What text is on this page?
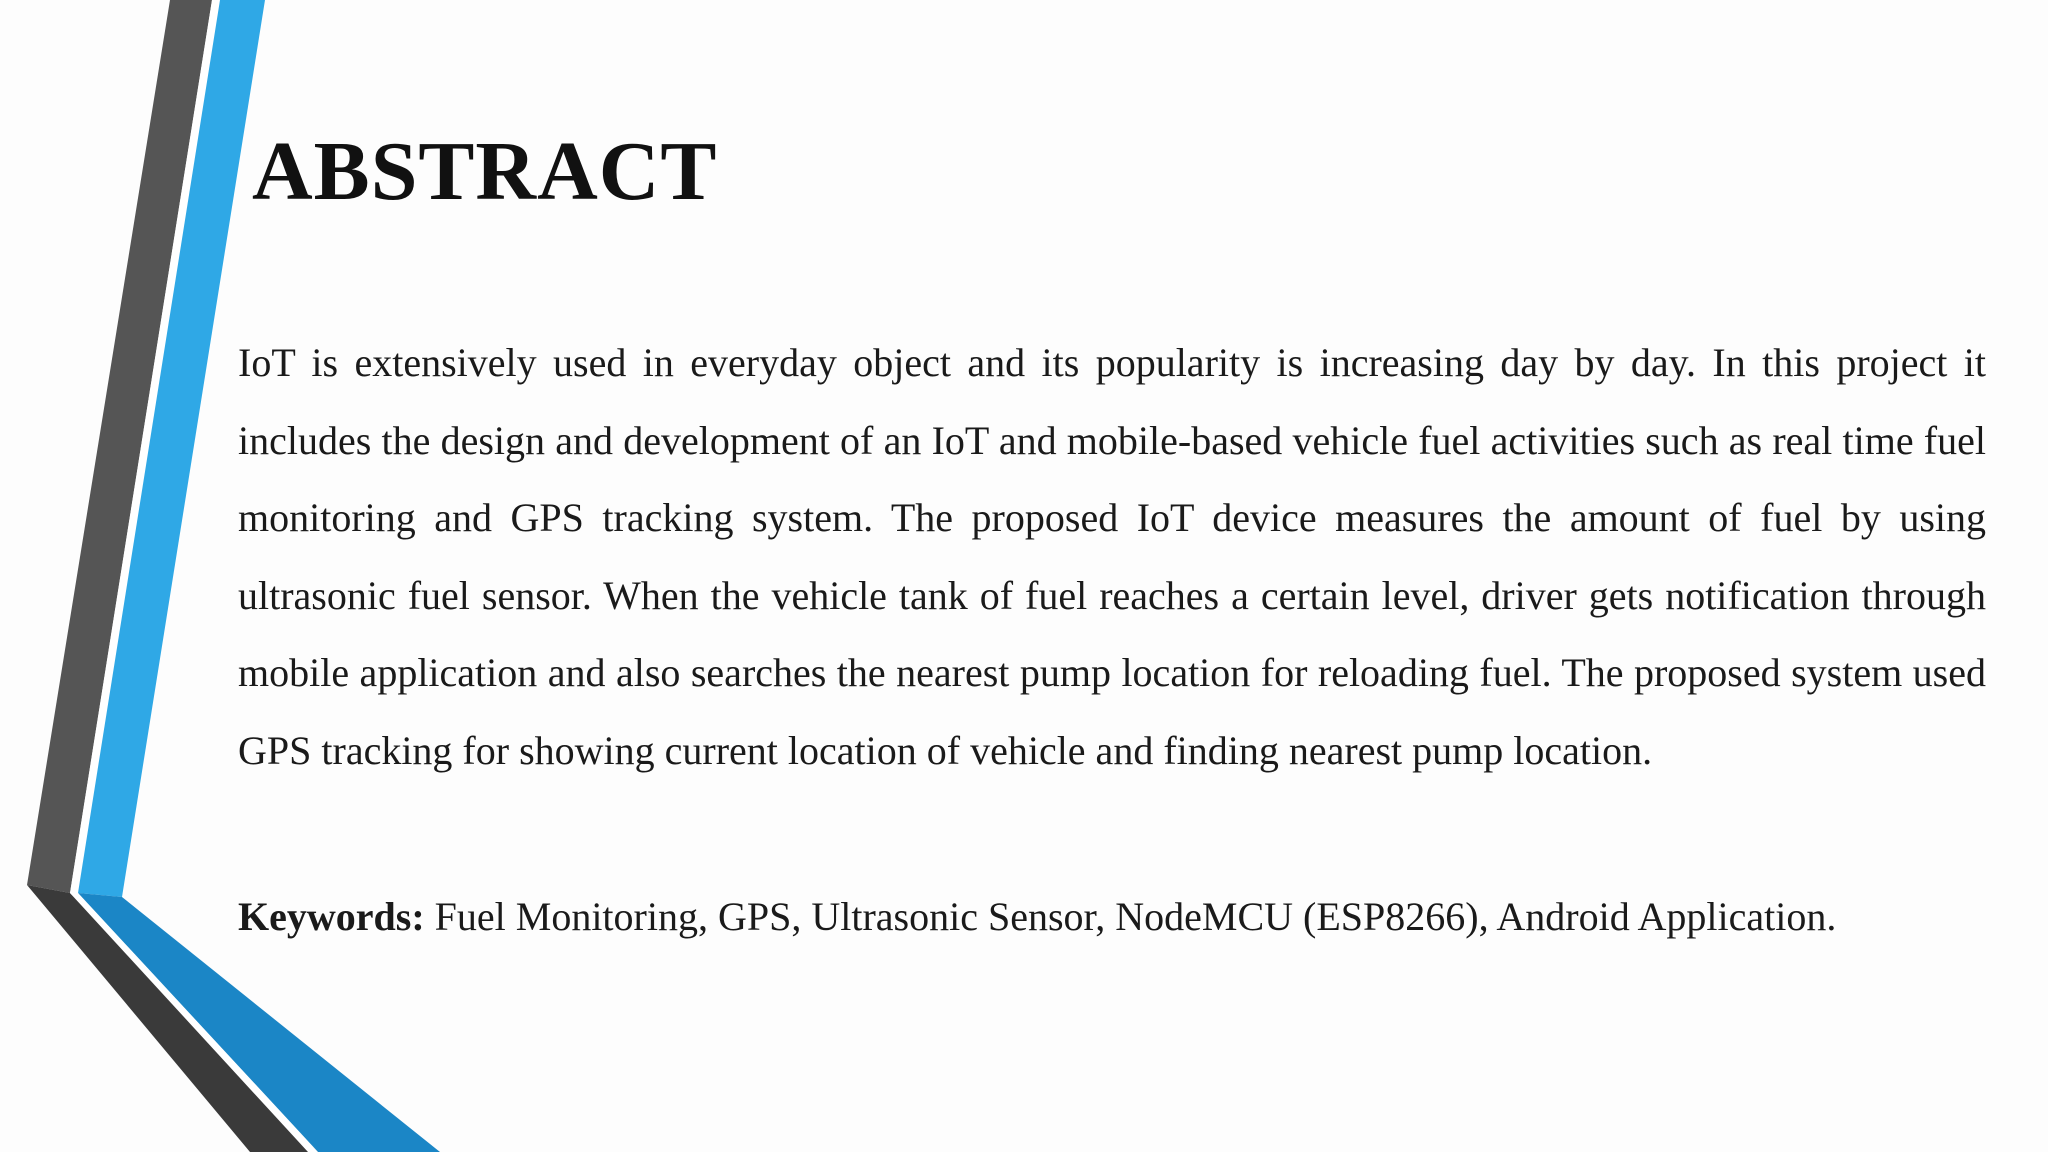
ABSTRACT

IoT is extensively used in everyday object and its popularity is increasing day by day. In this project it includes the design and development of an IoT and mobile-based vehicle fuel activities such as real time fuel monitoring and GPS tracking system. The proposed IoT device measures the amount of fuel by using ultrasonic fuel sensor. When the vehicle tank of fuel reaches a certain level, driver gets notification through mobile application and also searches the nearest pump location for reloading fuel. The proposed system used GPS tracking for showing current location of vehicle and finding nearest pump location.

Keywords: Fuel Monitoring, GPS, Ultrasonic Sensor, NodeMCU (ESP8266), Android Application.
